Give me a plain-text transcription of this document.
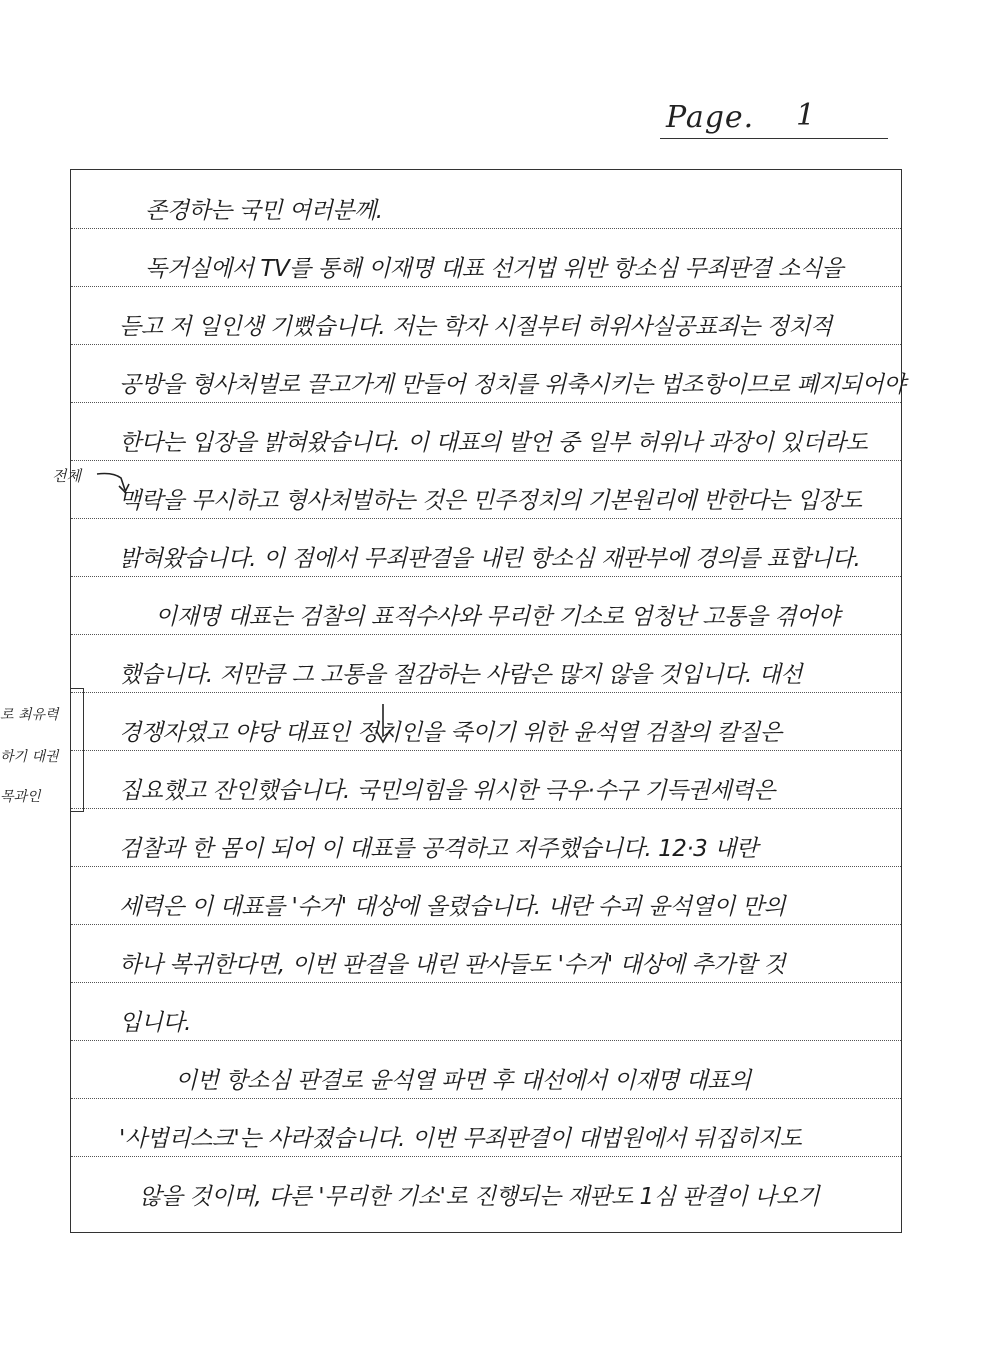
Page. 1
존경하는 국민 여러분께.
독거실에서 TV를 통해 이재명 대표 선거법 위반 항소심 무죄판결 소식을
듣고 저 일인생 기뻤습니다. 저는 학자 시절부터 허위사실공표죄는 정치적
공방을 형사처벌로 끌고가게 만들어 정치를 위축시키는 법조항이므로 폐지되어야
한다는 입장을 밝혀왔습니다. 이 대표의 발언 중 일부 허위나 과장이 있더라도
맥락을 무시하고 형사처벌하는 것은 민주정치의 기본원리에 반한다는 입장도
밝혀왔습니다. 이 점에서 무죄판결을 내린 항소심 재판부에 경의를 표합니다.
이재명 대표는 검찰의 표적수사와 무리한 기소로 엄청난 고통을 겪어야
했습니다. 저만큼 그 고통을 절감하는 사람은 많지 않을 것입니다. 대선
경쟁자였고 야당 대표인 정치인을 죽이기 위한 윤석열 검찰의 칼질은
집요했고 잔인했습니다. 국민의힘을 위시한 극우·수구 기득권세력은
검찰과 한 몸이 되어 이 대표를 공격하고 저주했습니다. 12·3 내란
세력은 이 대표를 '수거' 대상에 올렸습니다. 내란 수괴 윤석열이 만의
하나 복귀한다면, 이번 판결을 내린 판사들도 '수거' 대상에 추가할 것
입니다.
이번 항소심 판결로 윤석열 파면 후 대선에서 이재명 대표의
'사법리스크'는 사라졌습니다. 이번 무죄판결이 대법원에서 뒤집히지도
않을 것이며, 다른 '무리한 기소'로 진행되는 재판도 1심 판결이 나오기
전체
로 최유력
하기 대권
목과인
